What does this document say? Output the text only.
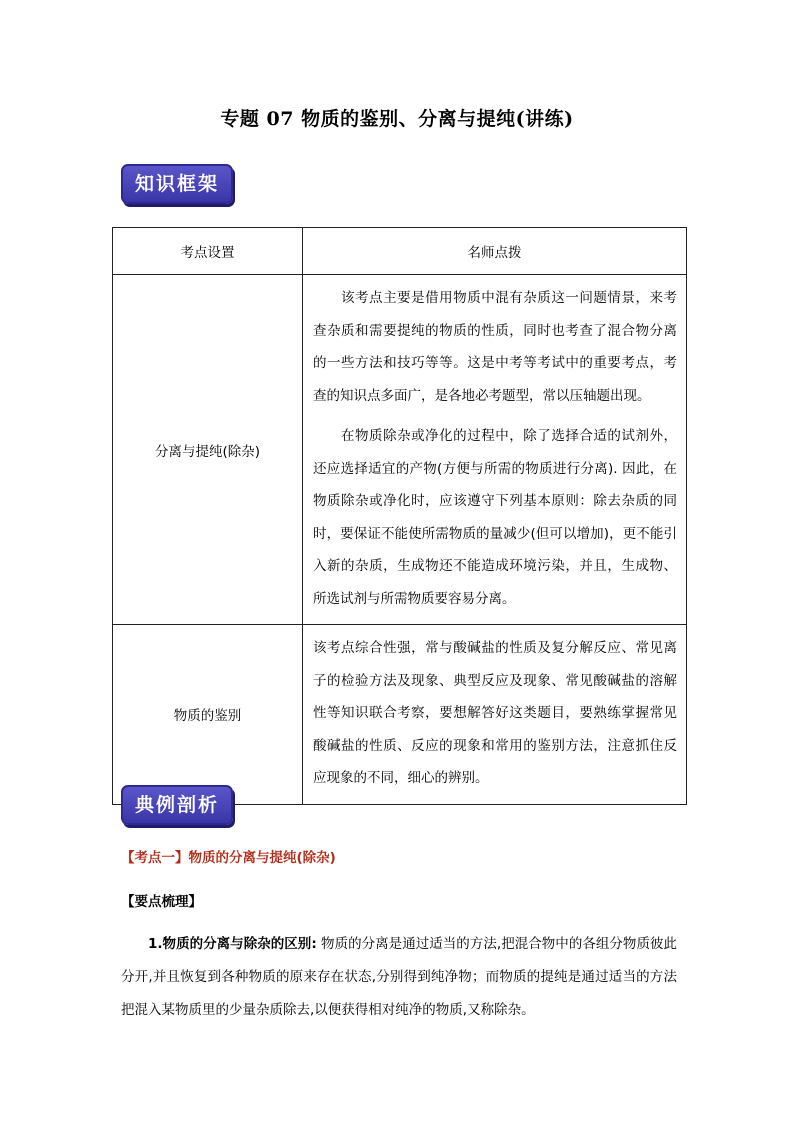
专题 07 物质的鉴别、分离与提纯(讲练)
知识框架
考点设置	名师点拨
分离与提纯(除杂)	该考点主要是借用物质中混有杂质这一问题情景，来考查杂质和需要提纯的物质的性质，同时也考查了混合物分离的一些方法和技巧等等。这是中考等考试中的重要考点，考查的知识点多面广，是各地必考题型，常以压轴题出现。

在物质除杂或净化的过程中，除了选择合适的试剂外，还应选择适宜的产物(方便与所需的物质进行分离). 因此，在物质除杂或净化时，应该遵守下列基本原则：除去杂质的同时，要保证不能使所需物质的量减少(但可以增加)，更不能引入新的杂质，生成物还不能造成环境污染，并且，生成物、所选试剂与所需物质要容易分离。

物质的鉴别	该考点综合性强，常与酸碱盐的性质及复分解反应、常见离子的检验方法及现象、典型反应及现象、常见酸碱盐的溶解性等知识联合考察，要想解答好这类题目，要熟练掌握常见酸碱盐的性质、反应的现象和常用的鉴别方法，注意抓住反应现象的不同，细心的辨别。

典例剖析
【考点一】物质的分离与提纯(除杂)
【要点梳理】
1.物质的分离与除杂的区别: 物质的分离是通过适当的方法,把混合物中的各组分物质彼此分开,并且恢复到各种物质的原来存在状态,分别得到纯净物；而物质的提纯是通过适当的方法把混入某物质里的少量杂质除去,以便获得相对纯净的物质,又称除杂。
